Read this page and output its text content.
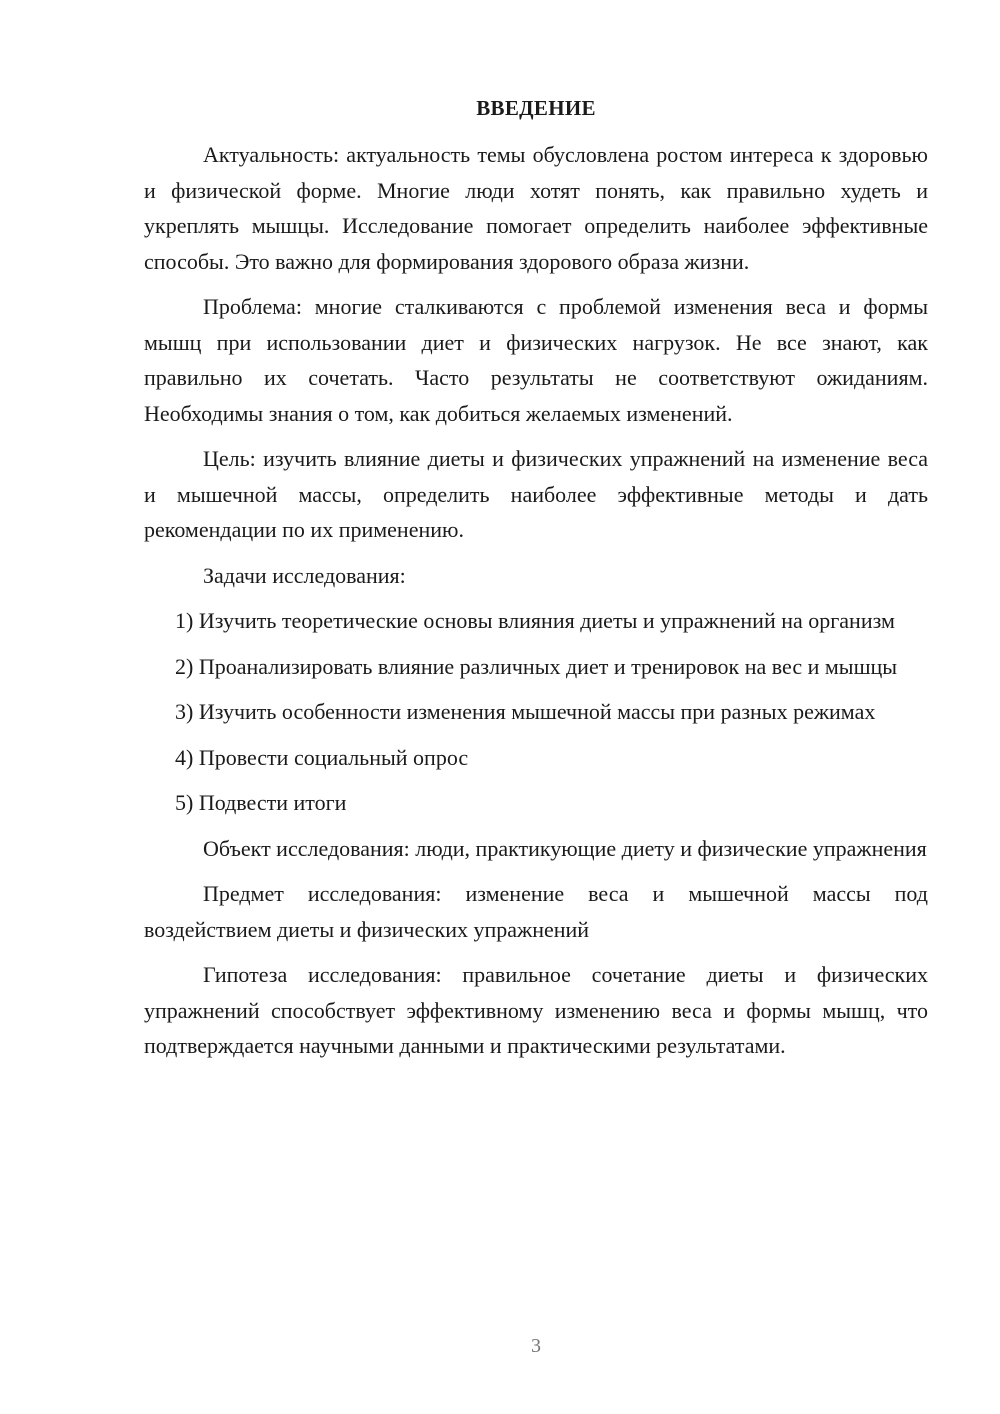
ВВЕДЕНИЕ

Актуальность: актуальность темы обусловлена ростом интереса к здоровью и физической форме. Многие люди хотят понять, как правильно худеть и укреплять мышцы. Исследование помогает определить наиболее эффективные способы. Это важно для формирования здорового образа жизни.

Проблема: многие сталкиваются с проблемой изменения веса и формы мышц при использовании диет и физических нагрузок. Не все знают, как правильно их сочетать. Часто результаты не соответствуют ожиданиям. Необходимы знания о том, как добиться желаемых изменений.

Цель: изучить влияние диеты и физических упражнений на изменение веса и мышечной массы, определить наиболее эффективные методы и дать рекомендации по их применению.

Задачи исследования:

1) Изучить теоретические основы влияния диеты и упражнений на организм

2) Проанализировать влияние различных диет и тренировок на вес и мышцы

3) Изучить особенности изменения мышечной массы при разных режимах

4) Провести социальный опрос

5) Подвести итоги

Объект исследования: люди, практикующие диету и физические упражнения

Предмет исследования: изменение веса и мышечной массы под воздействием диеты и физических упражнений

Гипотеза исследования: правильное сочетание диеты и физических упражнений способствует эффективному изменению веса и формы мышц, что подтверждается научными данными и практическими результатами.

3
